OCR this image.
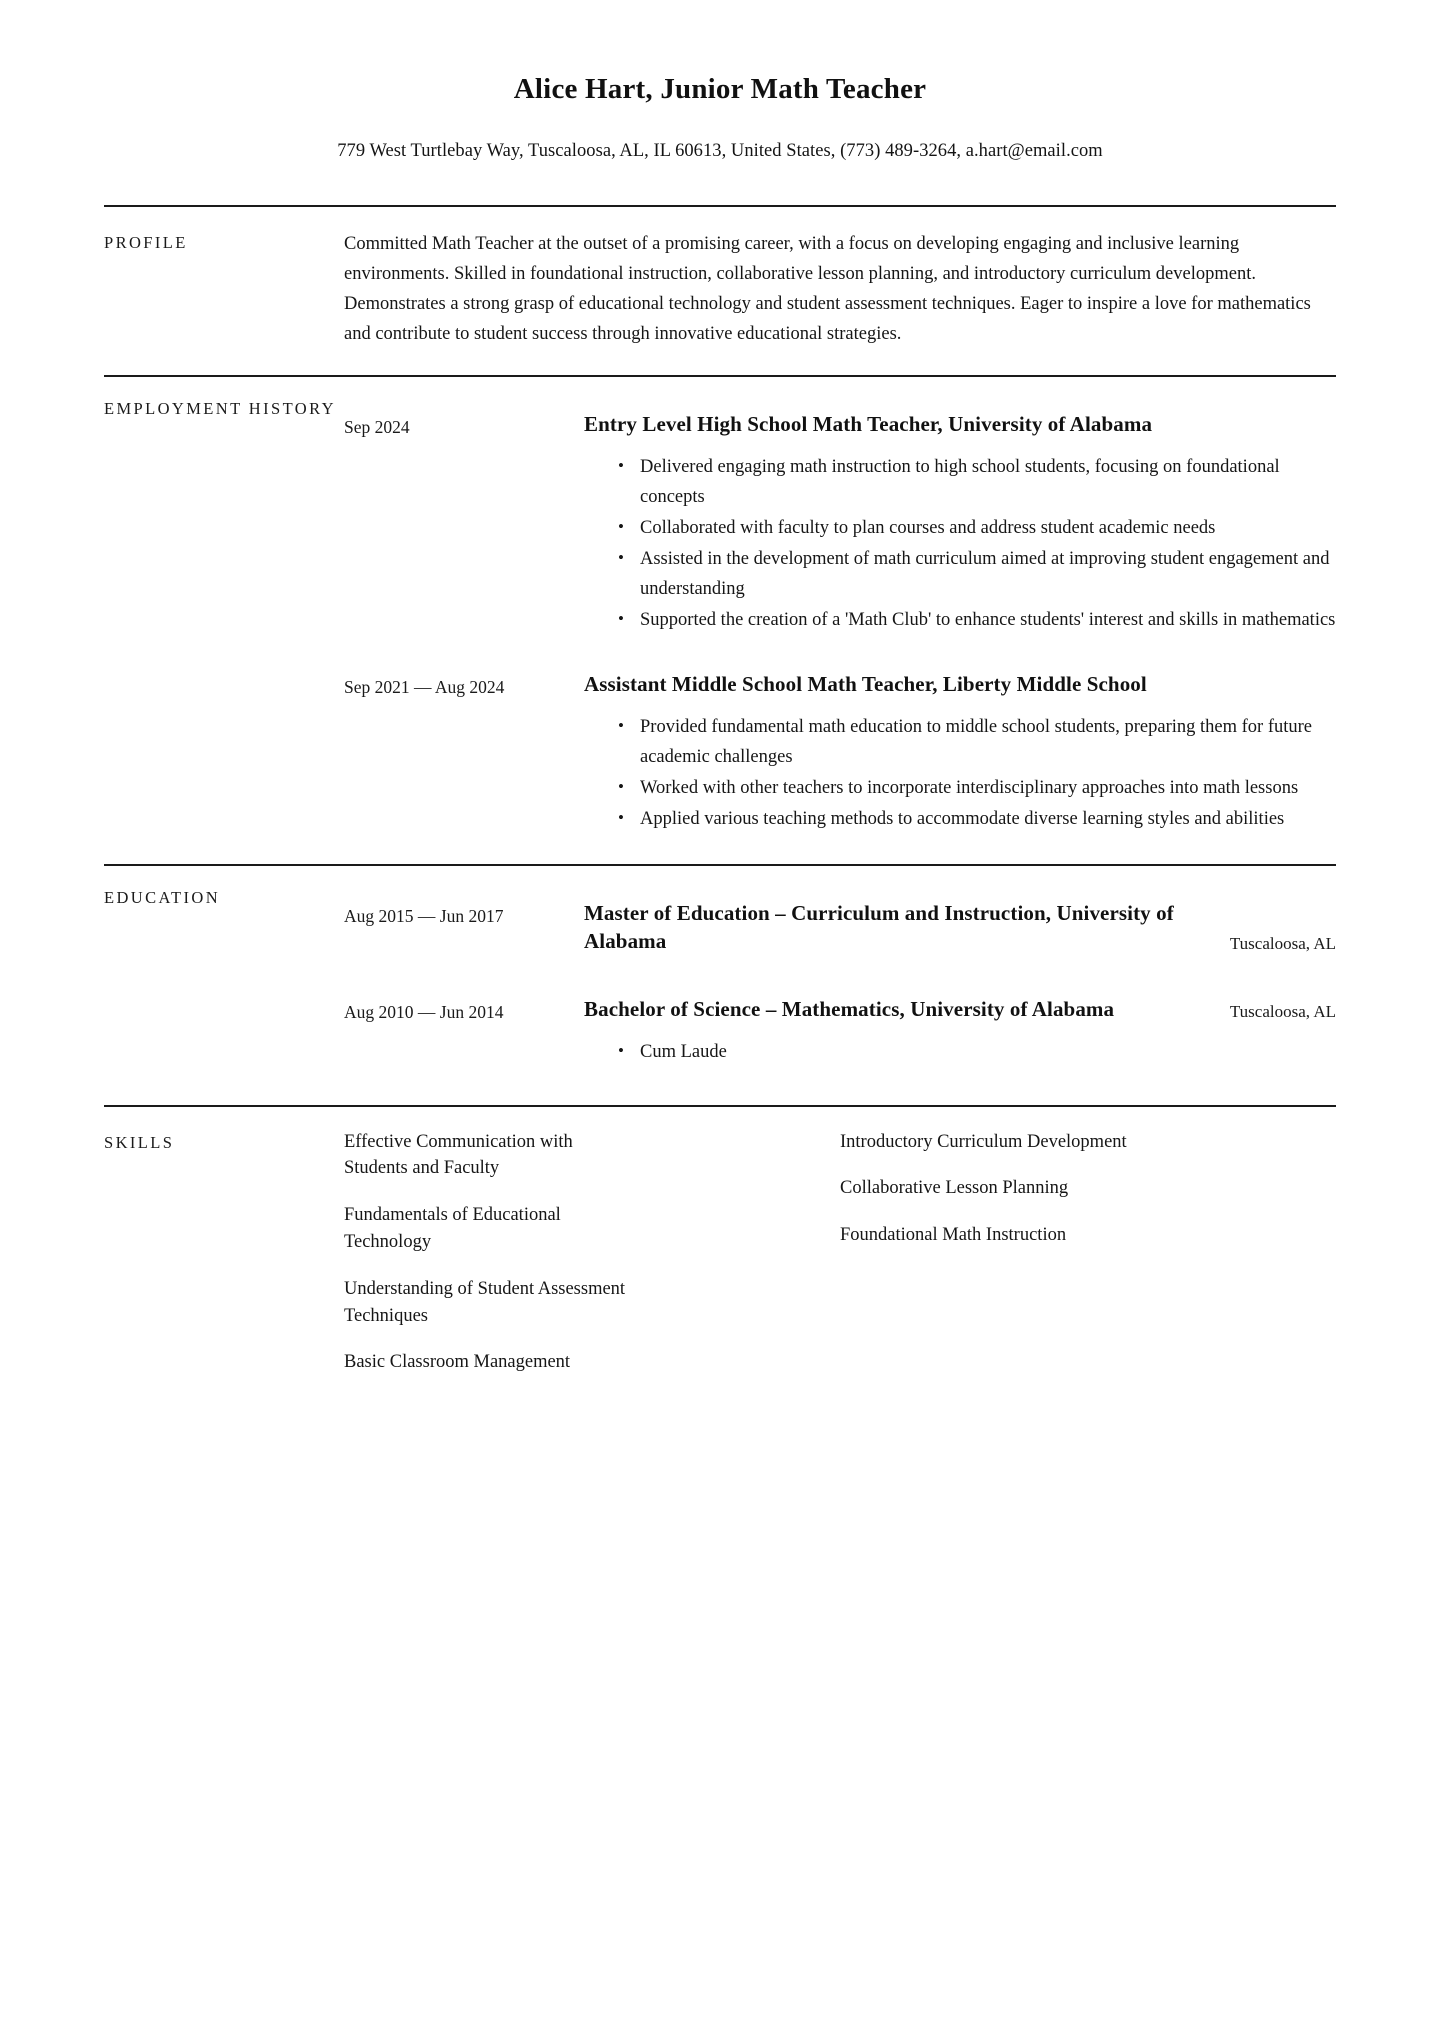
Alice Hart, Junior Math Teacher
779 West Turtlebay Way, Tuscaloosa, AL, IL 60613, United States, (773) 489-3264, a.hart@email.com
PROFILE	Committed Math Teacher at the outset of a promising career, with a focus on developing engaging and inclusive learning environments. Skilled in foundational instruction, collaborative lesson planning, and introductory curriculum development. Demonstrates a strong grasp of educational technology and student assessment techniques. Eager to inspire a love for mathematics and contribute to student success through innovative educational strategies.
EMPLOYMENT HISTORY
Sep 2024	Entry Level High School Math Teacher, University of Alabama
• Delivered engaging math instruction to high school students, focusing on foundational concepts
• Collaborated with faculty to plan courses and address student academic needs
• Assisted in the development of math curriculum aimed at improving student engagement and understanding
• Supported the creation of a 'Math Club' to enhance students' interest and skills in mathematics
Sep 2021 — Aug 2024	Assistant Middle School Math Teacher, Liberty Middle School
• Provided fundamental math education to middle school students, preparing them for future academic challenges
• Worked with other teachers to incorporate interdisciplinary approaches into math lessons
• Applied various teaching methods to accommodate diverse learning styles and abilities
EDUCATION
Aug 2015 — Jun 2017	Master of Education – Curriculum and Instruction, University of Alabama	Tuscaloosa, AL
Aug 2010 — Jun 2014	Bachelor of Science – Mathematics, University of Alabama	Tuscaloosa, AL
• Cum Laude
SKILLS	Effective Communication with Students and Faculty
Fundamentals of Educational Technology
Understanding of Student Assessment Techniques
Basic Classroom Management
Introductory Curriculum Development
Collaborative Lesson Planning
Foundational Math Instruction
